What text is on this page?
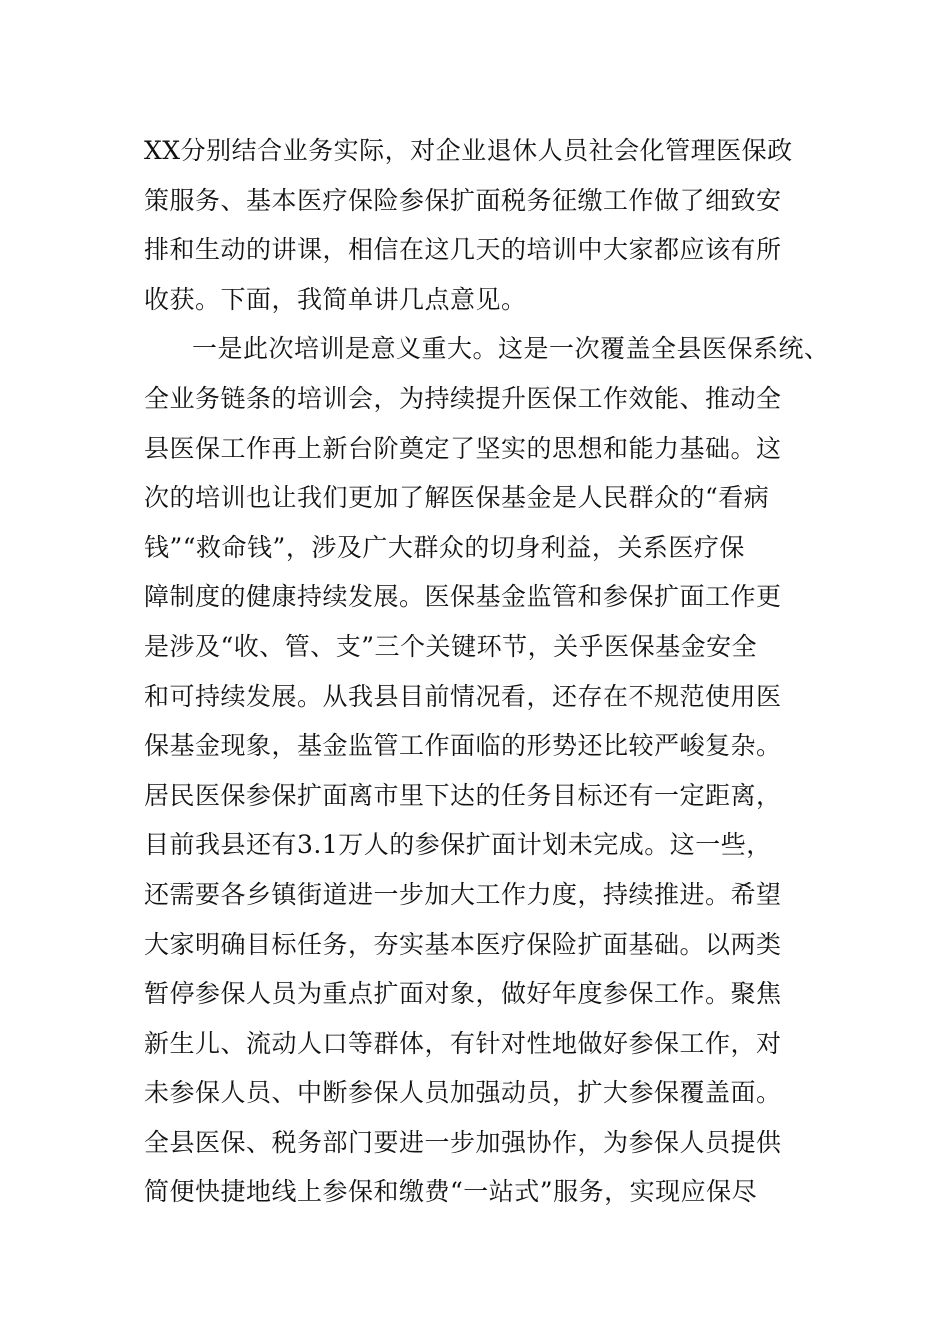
XX分别结合业务实际，对企业退休人员社会化管理医保政
策服务、基本医疗保险参保扩面税务征缴工作做了细致安
排和生动的讲课，相信在这几天的培训中大家都应该有所
收获。下面，我简单讲几点意见。
一是此次培训是意义重大。这是一次覆盖全县医保系统、
全业务链条的培训会，为持续提升医保工作效能、推动全
县医保工作再上新台阶奠定了坚实的思想和能力基础。这
次的培训也让我们更加了解医保基金是人民群众的“看病
钱”“救命钱”，涉及广大群众的切身利益，关系医疗保
障制度的健康持续发展。医保基金监管和参保扩面工作更
是涉及“收、管、支”三个关键环节，关乎医保基金安全
和可持续发展。从我县目前情况看，还存在不规范使用医
保基金现象，基金监管工作面临的形势还比较严峻复杂。
居民医保参保扩面离市里下达的任务目标还有一定距离，
目前我县还有3.1万人的参保扩面计划未完成。这一些，
还需要各乡镇街道进一步加大工作力度，持续推进。希望
大家明确目标任务，夯实基本医疗保险扩面基础。以两类
暂停参保人员为重点扩面对象，做好年度参保工作。聚焦
新生儿、流动人口等群体，有针对性地做好参保工作，对
未参保人员、中断参保人员加强动员，扩大参保覆盖面。
全县医保、税务部门要进一步加强协作，为参保人员提供
简便快捷地线上参保和缴费“一站式”服务，实现应保尽
